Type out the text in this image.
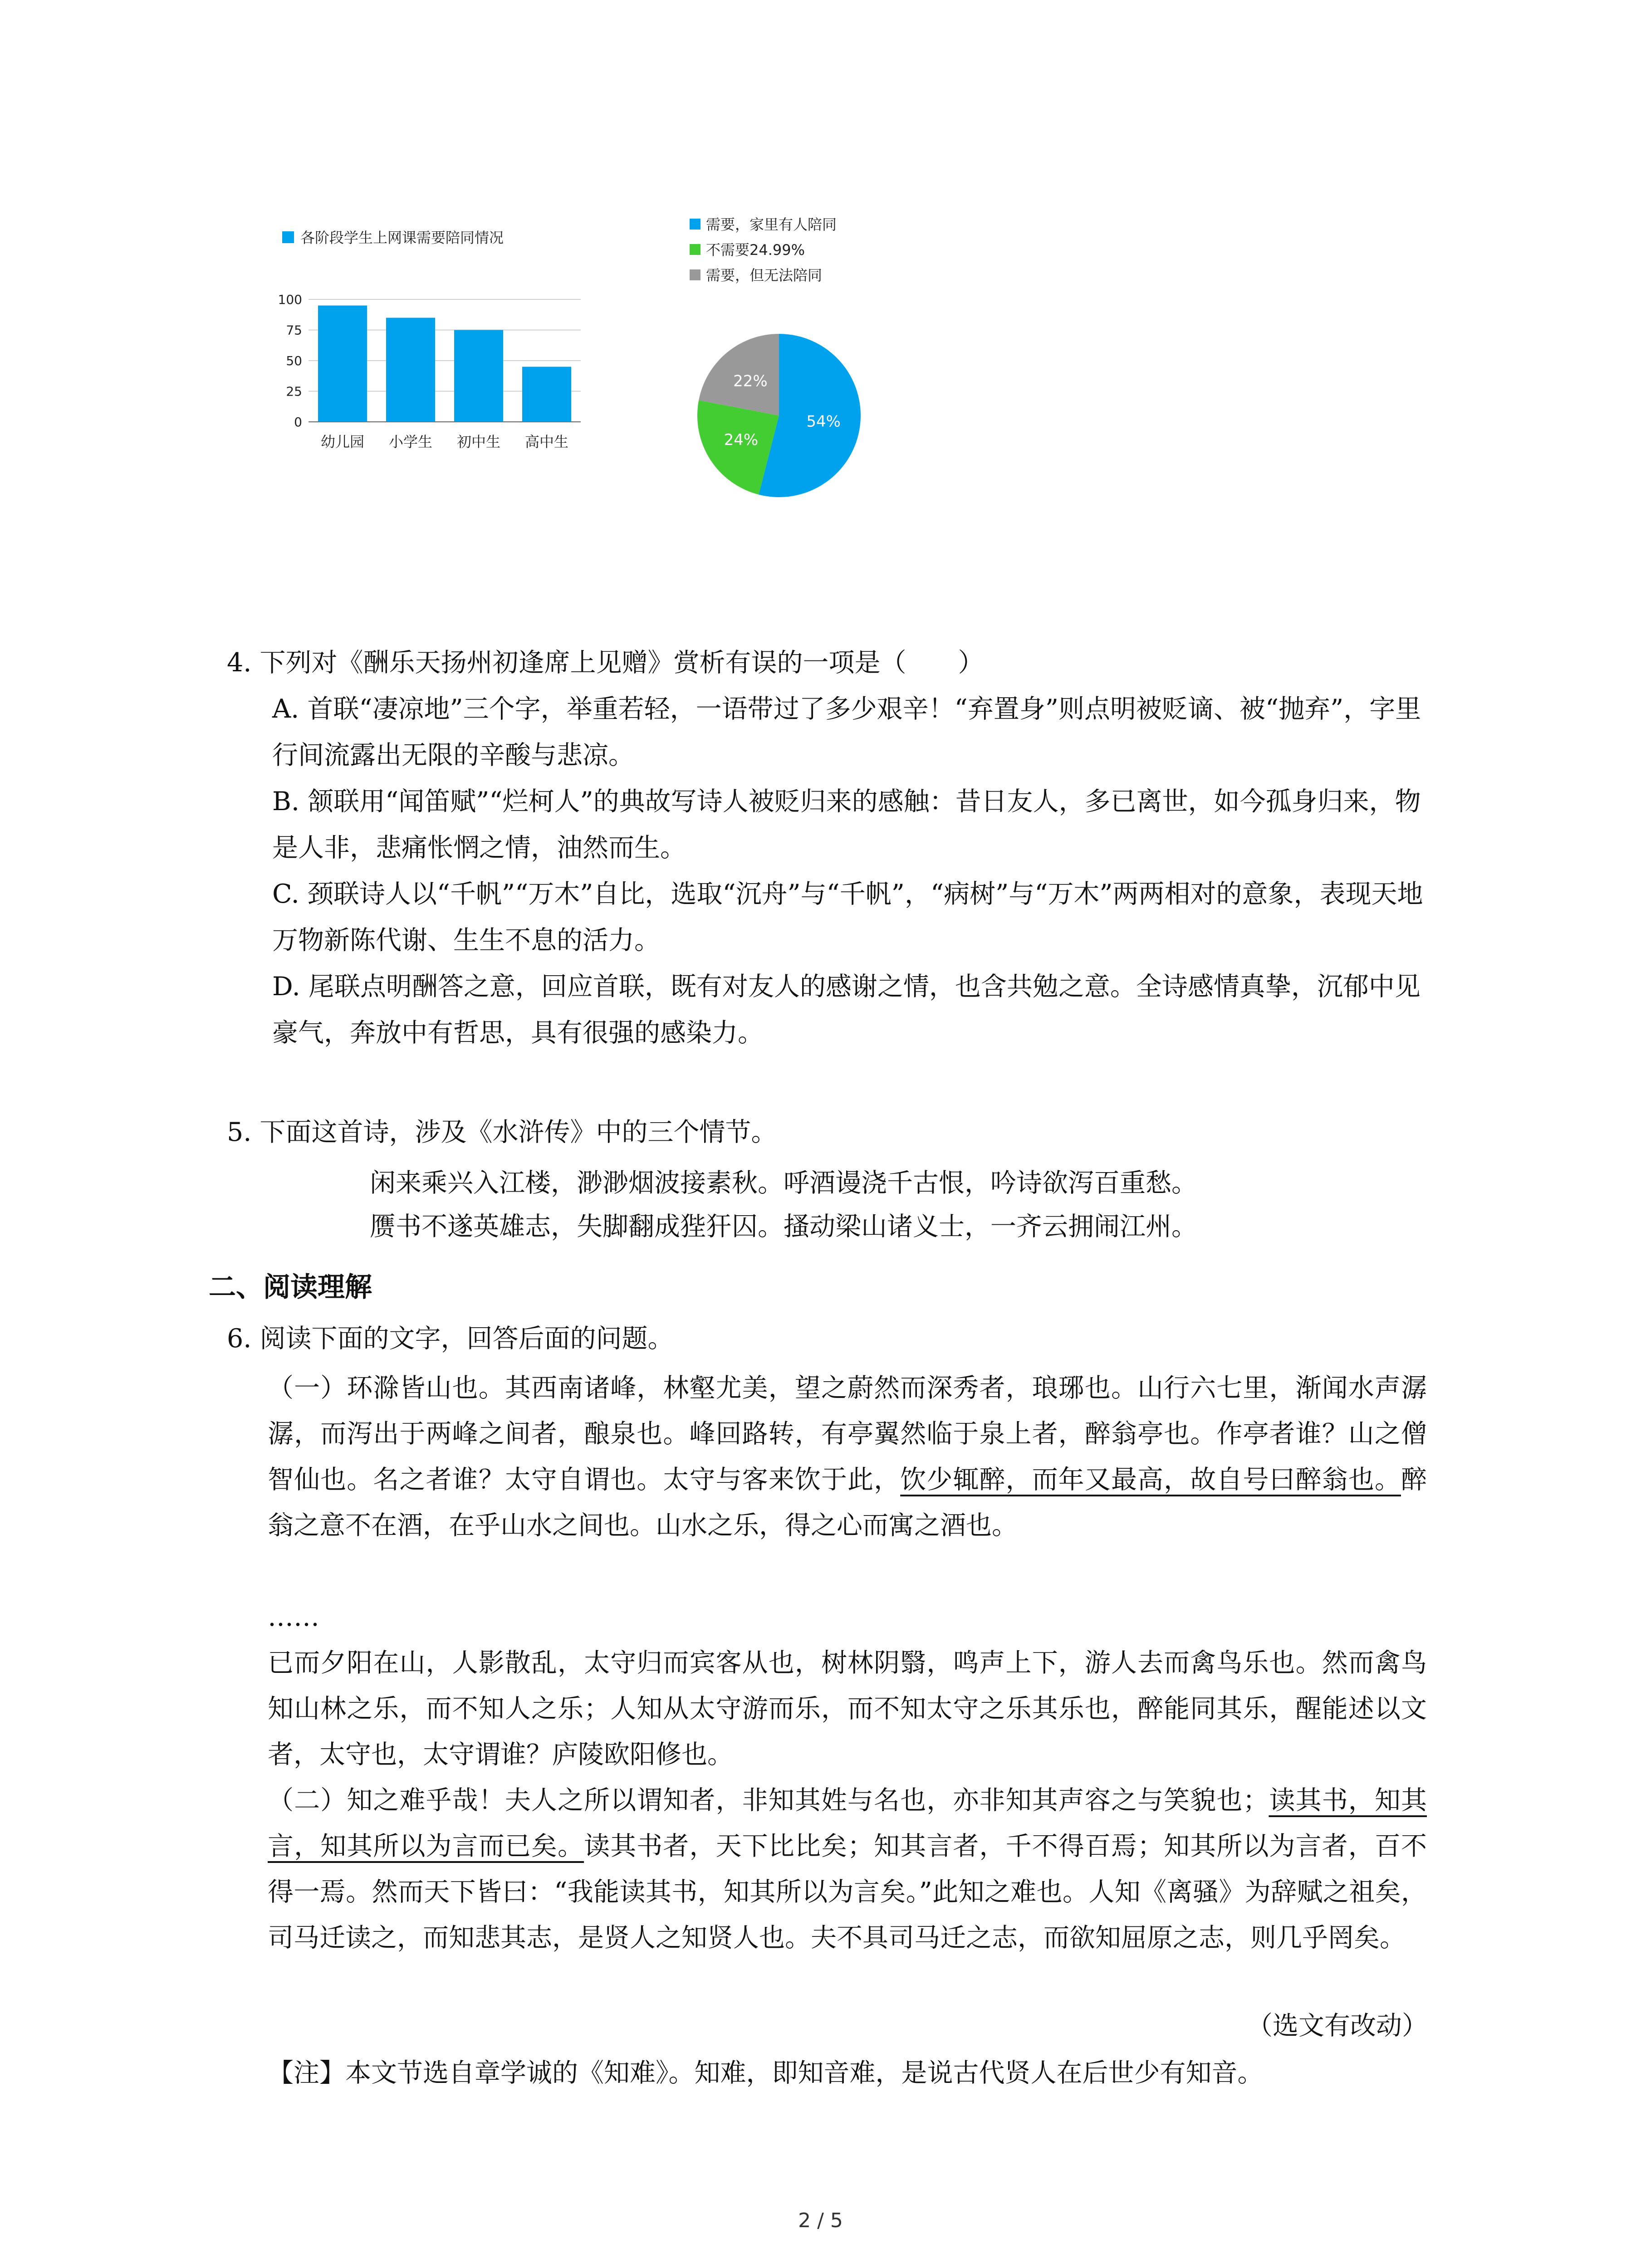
各阶段学生上网课需要陪同情况
0
25
50
75
100
幼儿园 小学生 初中生 高中生
需要，家里有人陪同
不需要24.99%
需要，但无法陪同
54%
24%
22%
4. 下列对《酬乐天扬州初逢席上见赠》赏析有误的一项是（　　）
A. 首联“凄凉地”三个字，举重若轻，一语带过了多少艰辛！“弃置身”则点明被贬谪、被“抛弃”，字里行间流露出无限的辛酸与悲凉。
B. 颔联用“闻笛赋”“烂柯人”的典故写诗人被贬归来的感触：昔日友人，多已离世，如今孤身归来，物是人非，悲痛怅惘之情，油然而生。
C. 颈联诗人以“千帆”“万木”自比，选取“沉舟”与“千帆”，“病树”与“万木”两两相对的意象，表现天地万物新陈代谢、生生不息的活力。
D. 尾联点明酬答之意，回应首联，既有对友人的感谢之情，也含共勉之意。全诗感情真挚，沉郁中见豪气，奔放中有哲思，具有很强的感染力。
5. 下面这首诗，涉及《水浒传》中的三个情节。
闲来乘兴入江楼，渺渺烟波接素秋。呼酒谩浇千古恨，吟诗欲泻百重愁。
赝书不遂英雄志，失脚翻成狴犴囚。搔动梁山诸义士，一齐云拥闹江州。
二、阅读理解
6. 阅读下面的文字，回答后面的问题。
（一）环滁皆山也。其西南诸峰，林壑尤美，望之蔚然而深秀者，琅琊也。山行六七里，渐闻水声潺潺，而泻出于两峰之间者，酿泉也。峰回路转，有亭翼然临于泉上者，醉翁亭也。作亭者谁？山之僧智仙也。名之者谁？太守自谓也。太守与客来饮于此，饮少辄醉，而年又最高，故自号曰醉翁也。醉翁之意不在酒，在乎山水之间也。山水之乐，得之心而寓之酒也。
……
已而夕阳在山，人影散乱，太守归而宾客从也，树林阴翳，鸣声上下，游人去而禽鸟乐也。然而禽鸟知山林之乐，而不知人之乐；人知从太守游而乐，而不知太守之乐其乐也，醉能同其乐，醒能述以文者，太守也，太守谓谁？庐陵欧阳修也。
（二）知之难乎哉！夫人之所以谓知者，非知其姓与名也，亦非知其声容之与笑貌也；读其书，知其言，知其所以为言而已矣。读其书者，天下比比矣；知其言者，千不得百焉；知其所以为言者，百不得一焉。然而天下皆曰：“我能读其书，知其所以为言矣。”此知之难也。人知《离骚》为辞赋之祖矣，司马迁读之，而知悲其志，是贤人之知贤人也。夫不具司马迁之志，而欲知屈原之志，则几乎罔矣。
（选文有改动）
【注】本文节选自章学诚的《知难》。知难，即知音难，是说古代贤人在后世少有知音。
2 / 5
